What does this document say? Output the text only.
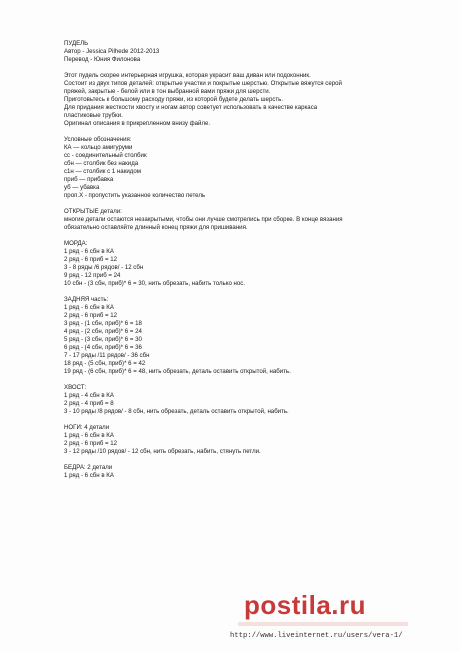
ПУДЕЛЬ
Автор - Jessica Pilhede 2012-2013
Перевод - Юния Филонова
Этот пудель скорее интерьерная игрушка, которая украсит ваш диван или подоконник.
Состоит из двух типов деталей: открытые участки и покрытые шерстью. Открытые вяжутся серой
пряжей, закрытые - белой или в тон выбранной вами пряжи для шерсти.
Приготовьтесь к большому расходу пряжи, из которой будете делать шерсть.
Для придания жесткости хвосту и ногам автор советует использовать в качестве каркаса
пластиковые трубки.
Оригинал описания в прикрепленном внизу файле.
Условные обозначения:
КА — кольцо амигуруми
сс - соединительный столбик
сбн — столбик без накида
с1н — столбик с 1 накидом
приб — прибавка
уб — убавка
проп.Х - пропустить указанное количество петель
ОТКРЫТЫЕ детали:
многие детали остаются незакрытыми, чтобы они лучше смотрелись при сборке. В конце вязания
обязательно оставляйте длинный конец пряжи для пришивания.
МОРДА:
1 ряд - 6 сбн в КА
2 ряд - 6 приб = 12
3 - 8 ряды /6 рядов/ - 12 сбн
9 ряд - 12 приб = 24
10 сбн - (3 сбн, приб)* 6 = 30, нить обрезать, набить только нос.
ЗАДНЯЯ часть:
1 ряд - 6 сбн в КА
2 ряд - 6 приб = 12
3 ряд - (1 сбн, приб)* 6 = 18
4 ряд - (2 сбн, приб)* 6 = 24
5 ряд - (3 сбн, приб)* 6 = 30
6 ряд - (4 сбн, приб)* 6 = 36
7 - 17 ряды /11 рядов/ - 36 сбн
18 ряд - (5 сбн, приб)* 6 = 42
19 ряд - (6 сбн, приб)* 6 = 48, нить обрезать, деталь оставить открытой, набить.
ХВОСТ:
1 ряд - 4 сбн в КА
2 ряд - 4 приб = 8
3 - 10 ряды /8 рядов/ - 8 сбн, нить обрезать, деталь оставить открытой, набить.
НОГИ: 4 детали
1 ряд - 6 сбн в КА
2 ряд - 6 приб = 12
3 - 12 ряды /10 рядов/ - 12 сбн, нить обрезать, набить, стянуть петли.
БЕДРА: 2 детали
1 ряд - 6 сбн в КА
postila.ru
http://www.liveinternet.ru/users/vera-1/
